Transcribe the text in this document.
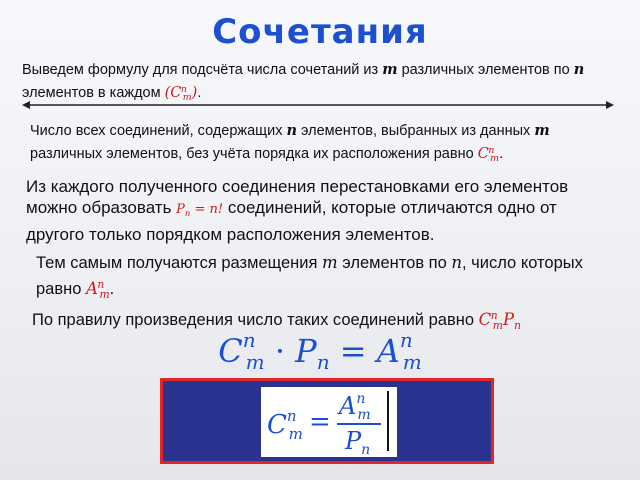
Сочетания
Выведем формулу для подсчёта числа сочетаний из m различных элементов по n элементов в каждом $(C^n_m)$.
Число всех соединений, содержащих n элементов, выбранных из данных m различных элементов, без учёта порядка их расположения равно $C^n_m$.
Из каждого полученного соединения перестановками его элементов можно образовать $P_n = n$! соединений, которые отличаются одно от другого только порядком расположения элементов.
Тем самым получаются размещения m элементов по n, число которых равно $A^n_m$.
По правилу произведения число таких соединений равно $C^n_mP_n$
$C^n_m \cdot P_n = A^n_m$
$C^n_m$ =
$A^n_m$
$P_n$
